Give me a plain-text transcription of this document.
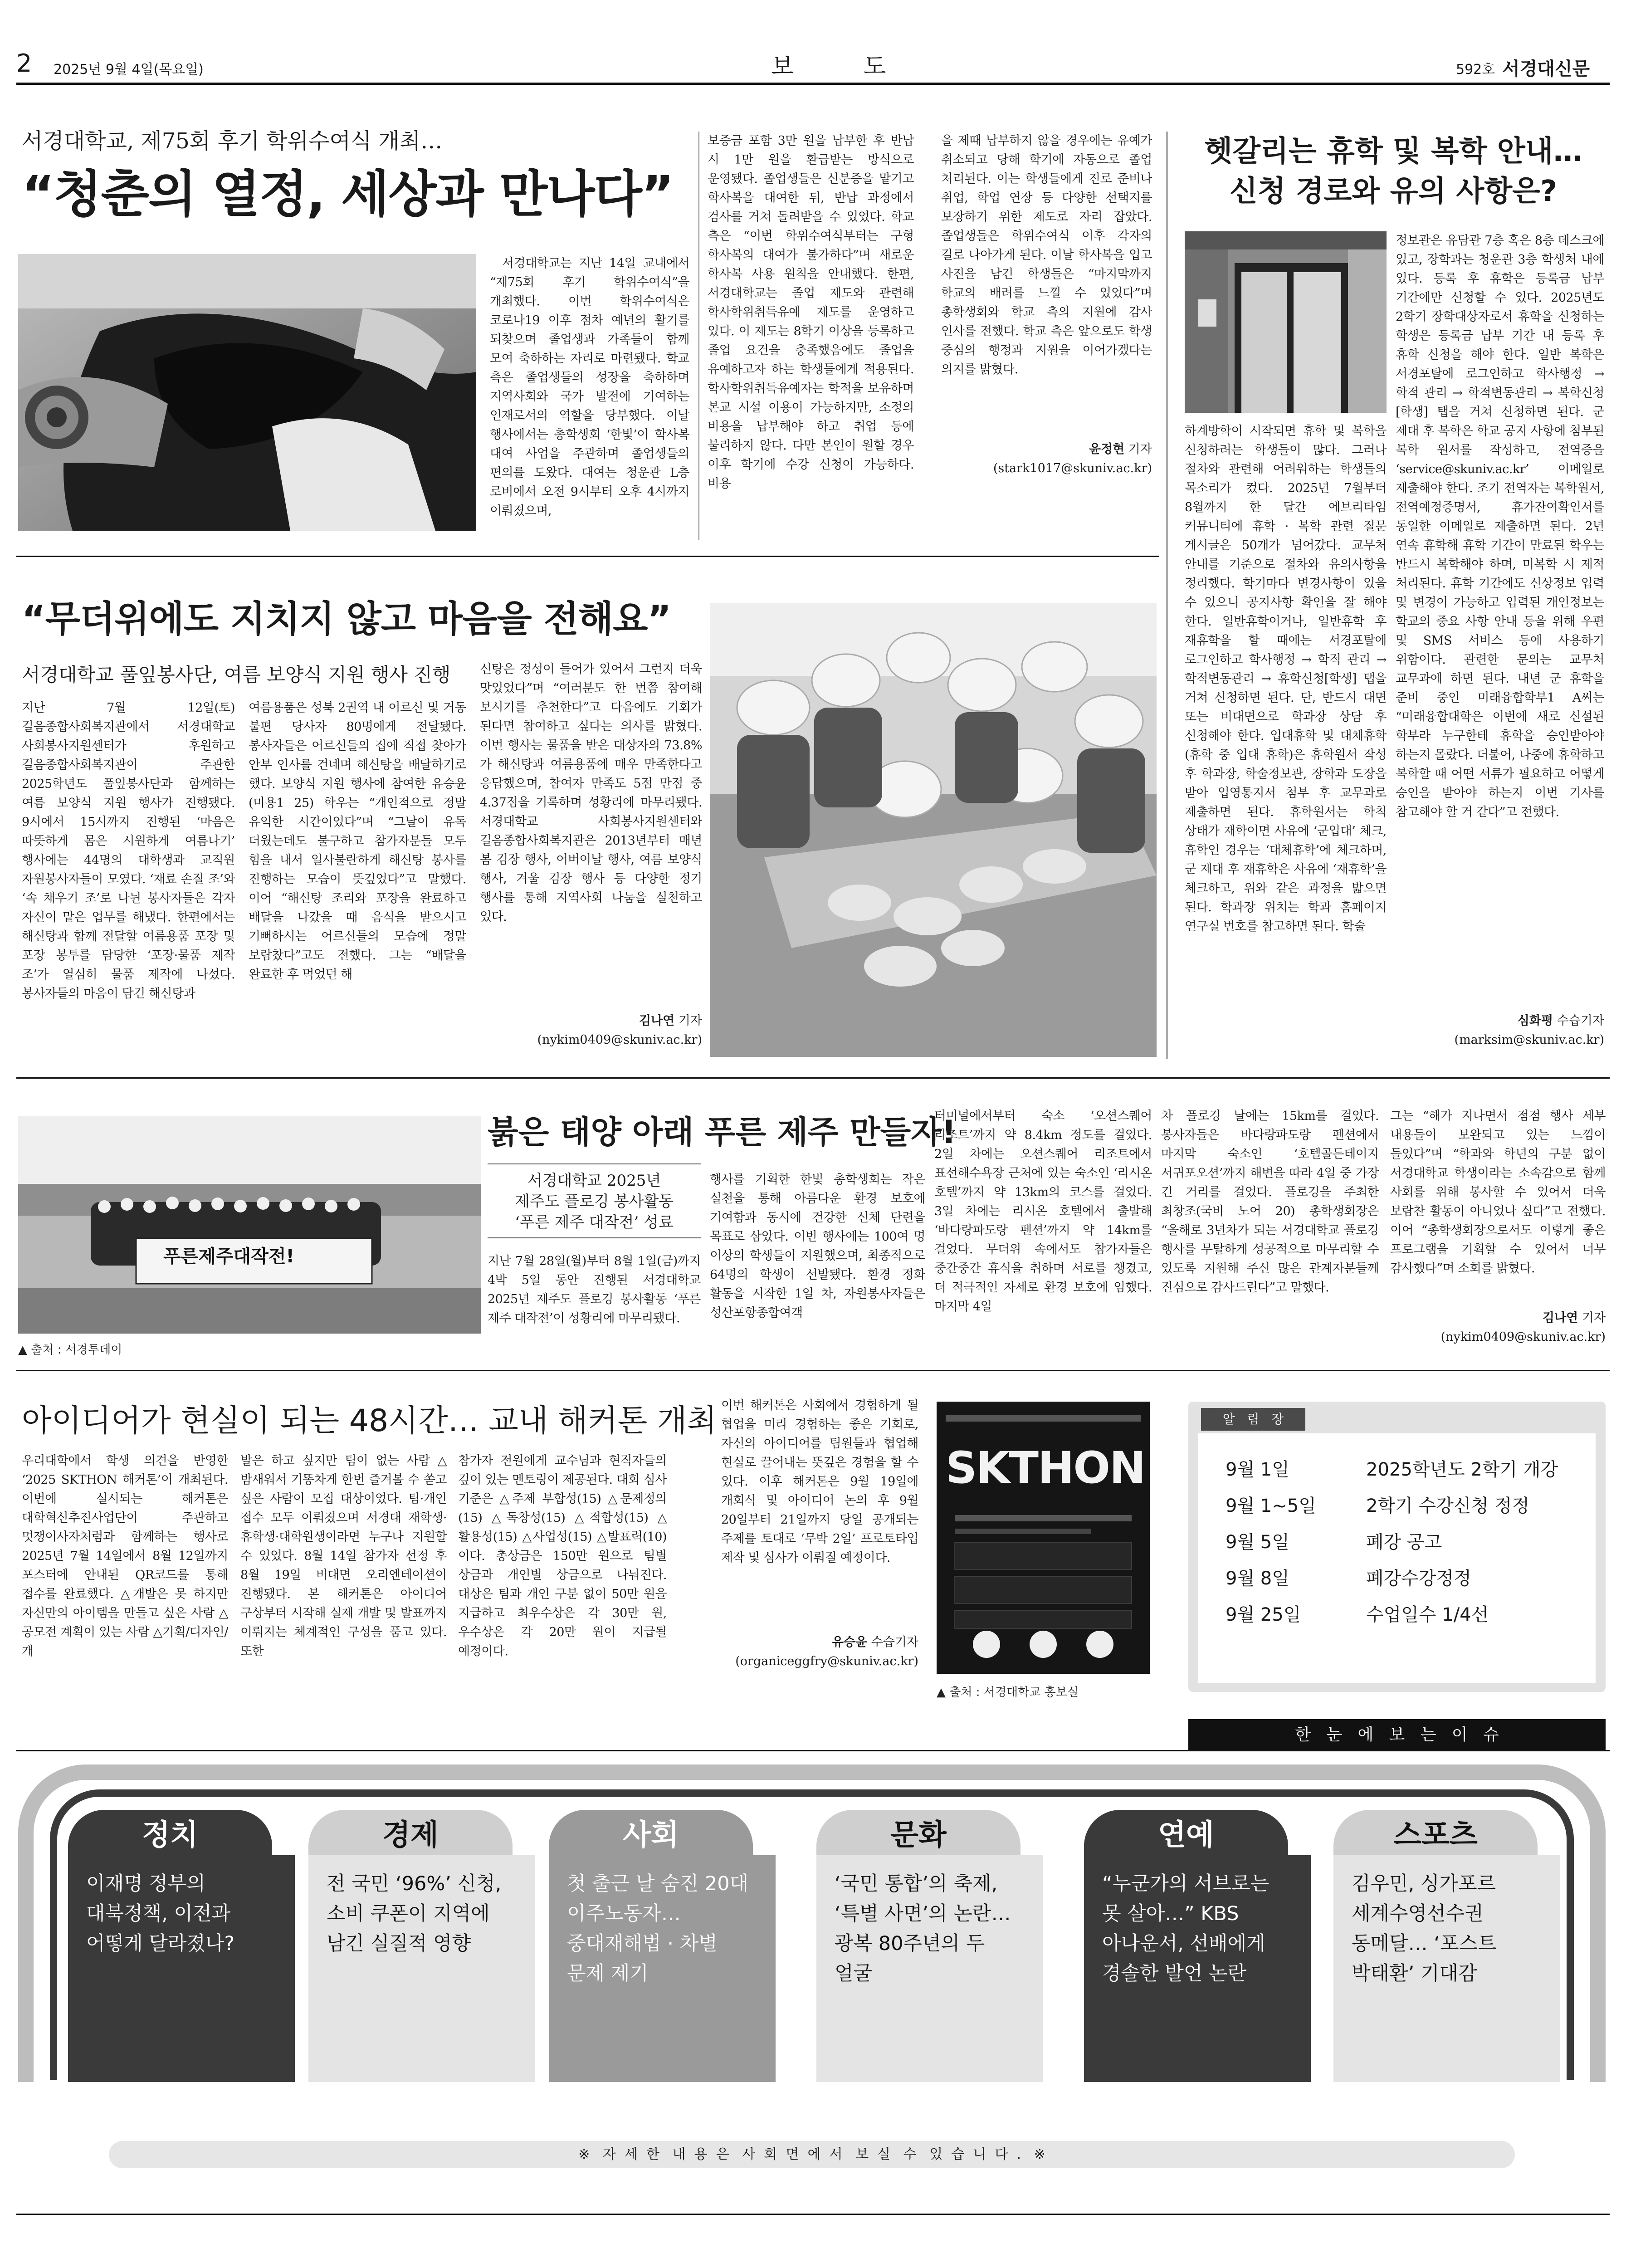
2 2025년 9월 4일(목요일)	보  도	592호 서경대신문
서경대학교, 제75회 후기 학위수여식 개최…
“청춘의 열정, 세상과 만나다”
서경대학교는 지난 14일 교내에서 “제75회 후기 학위수여식”을 개최했다. 이번 학위수여식은 코로나19 이후 점차 예년의 활기를 되찾으며 졸업생과 가족들이 함께 모여 축하하는 자리로 마련됐다. 학교 측은 졸업생들의 성장을 축하하며 지역사회와 국가 발전에 기여하는 인재로서의 역할을 당부했다. 이날 행사에서는 총학생회 ‘한빛’이 학사복 대여 사업을 주관하며 졸업생들의 편의를 도왔다. 대여는 청운관 L층 로비에서 오전 9시부터 오후 4시까지 이뤄졌으며,
보증금 포함 3만 원을 납부한 후 반납 시 1만 원을 환급받는 방식으로 운영됐다. 졸업생들은 신분증을 맡기고 학사복을 대여한 뒤, 반납 과정에서 검사를 거쳐 돌려받을 수 있었다. 학교 측은 “이번 학위수여식부터는 구형 학사복의 대여가 불가하다”며 새로운 학사복 사용 원칙을 안내했다. 한편, 서경대학교는 졸업 제도와 관련해 학사학위취득유예 제도를 운영하고 있다. 이 제도는 8학기 이상을 등록하고 졸업 요건을 충족했음에도 졸업을 유예하고자 하는 학생들에게 적용된다. 학사학위취득유예자는 학적을 보유하며 본교 시설 이용이 가능하지만, 소정의 비용을 납부해야 하고 취업 등에 불리하지 않다. 다만 본인이 원할 경우 이후 학기에 수강 신청이 가능하다. 비용
을 제때 납부하지 않을 경우에는 유예가 취소되고 당해 학기에 자동으로 졸업 처리된다. 이는 학생들에게 진로 준비나 취업, 학업 연장 등 다양한 선택지를 보장하기 위한 제도로 자리 잡았다. 졸업생들은 학위수여식 이후 각자의 길로 나아가게 된다. 이날 학사복을 입고 사진을 남긴 학생들은 “마지막까지 학교의 배려를 느낄 수 있었다”며 총학생회와 학교 측의 지원에 감사 인사를 전했다. 학교 측은 앞으로도 학생 중심의 행정과 지원을 이어가겠다는 의지를 밝혔다.
윤정현 기자
(stark1017@skuniv.ac.kr)
헷갈리는 휴학 및 복학 안내…
신청 경로와 유의 사항은?
하계방학이 시작되면 휴학 및 복학을 신청하려는 학생들이 많다. 그러나 절차와 관련해 어려워하는 학생들의 목소리가 컸다. 2025년 7월부터 8월까지 한 달간 에브리타임 커뮤니티에 휴학 · 복학 관련 질문 게시글은 50개가 넘어갔다. 교무처 안내를 기준으로 절차와 유의사항을 정리했다. 학기마다 변경사항이 있을 수 있으니 공지사항 확인을 잘 해야 한다. 일반휴학이거나, 일반휴학 후 재휴학을 할 때에는 서경포탈에 로그인하고 학사행정 → 학적 관리 → 학적변동관리 → 휴학신청[학생] 탭을 거쳐 신청하면 된다. 단, 반드시 대면 또는 비대면으로 학과장 상담 후 신청해야 한다. 입대휴학 및 대체휴학(휴학 중 입대 휴학)은 휴학원서 작성 후 학과장, 학술정보관, 장학과 도장을 받아 입영통지서 첨부 후 교무과로 제출하면 된다. 휴학원서는 학칙 상태가 재학이면 사유에 ‘군입대’ 체크, 휴학인 경우는 ‘대체휴학’에 체크하며, 군 제대 후 재휴학은 사유에 ‘재휴학’을 체크하고, 위와 같은 과정을 밟으면 된다. 학과장 위치는 학과 홈페이지 연구실 번호를 참고하면 된다. 학술
정보관은 유담관 7층 혹은 8층 데스크에 있고, 장학과는 청운관 3층 학생처 내에 있다. 등록 후 휴학은 등록금 납부 기간에만 신청할 수 있다. 2025년도 2학기 장학대상자로서 휴학을 신청하는 학생은 등록금 납부 기간 내 등록 후 휴학 신청을 해야 한다. 일반 복학은 서경포탈에 로그인하고 학사행정 → 학적 관리 → 학적변동관리 → 복학신청[학생] 탭을 거쳐 신청하면 된다. 군 제대 후 복학은 학교 공지 사항에 첨부된 복학 원서를 작성하고, 전역증을 ‘service@skuniv.ac.kr’ 이메일로 제출해야 한다. 조기 전역자는 복학원서, 전역예정증명서, 휴가잔여확인서를 동일한 이메일로 제출하면 된다. 2년 연속 휴학해 휴학 기간이 만료된 학우는 반드시 복학해야 하며, 미복학 시 제적 처리된다. 휴학 기간에도 신상정보 입력 및 변경이 가능하고 입력된 개인정보는 학교의 중요 사항 안내 등을 위해 우편 및 SMS 서비스 등에 사용하기 위함이다. 관련한 문의는 교무처 교무과에 하면 된다. 내년 군 휴학을 준비 중인 미래융합학부1 A씨는 “미래융합대학은 이번에 새로 신설된 학부라 누구한테 휴학을 승인받아야 하는지 몰랐다. 더불어, 나중에 휴학하고 복학할 때 어떤 서류가 필요하고 어떻게 승인을 받아야 하는지 이번 기사를 참고해야 할 거 같다”고 전했다.
심화평 수습기자
(marksim@skuniv.ac.kr)
“무더위에도 지치지 않고 마음을 전해요”
서경대학교 풀잎봉사단, 여름 보양식 지원 행사 진행
지난 7월 12일(토) 길음종합사회복지관에서 서경대학교 사회봉사지원센터가 후원하고 길음종합사회복지관이 주관한 2025학년도 풀잎봉사단과 함께하는 여름 보양식 지원 행사가 진행됐다. 9시에서 15시까지 진행된 ‘마음은 따뜻하게 몸은 시원하게 여름나기’ 행사에는 44명의 대학생과 교직원 자원봉사자들이 모였다. ‘재료 손질 조’와 ‘속 채우기 조’로 나뉜 봉사자들은 각자 자신이 맡은 업무를 해냈다. 한편에서는 해신탕과 함께 전달할 여름용품 포장 및 포장 봉투를 담당한 ‘포장·물품 제작 조’가 열심히 물품 제작에 나섰다. 봉사자들의 마음이 담긴 해신탕과
여름용품은 성북 2권역 내 어르신 및 거동 불편 당사자 80명에게 전달됐다. 봉사자들은 어르신들의 집에 직접 찾아가 안부 인사를 건네며 해신탕을 배달하기로 했다. 보양식 지원 행사에 참여한 유승윤(미용1 25) 학우는 “개인적으로 정말 유익한 시간이었다”며 “그날이 유독 더웠는데도 불구하고 참가자분들 모두 힘을 내서 일사불란하게 해신탕 봉사를 진행하는 모습이 뜻깊었다”고 말했다. 이어 “해신탕 조리와 포장을 완료하고 배달을 나갔을 때 음식을 받으시고 기뻐하시는 어르신들의 모습에 정말 보람찼다”고도 전했다. 그는 “배달을 완료한 후 먹었던 해
신탕은 정성이 들어가 있어서 그런지 더욱 맛있었다”며 “여러분도 한 번쯤 참여해 보시기를 추천한다”고 다음에도 기회가 된다면 참여하고 싶다는 의사를 밝혔다. 이번 행사는 물품을 받은 대상자의 73.8%가 해신탕과 여름용품에 매우 만족한다고 응답했으며, 참여자 만족도 5점 만점 중 4.37점을 기록하며 성황리에 마무리됐다. 서경대학교 사회봉사지원센터와 길음종합사회복지관은 2013년부터 매년 봄 김장 행사, 어버이날 행사, 여름 보양식 행사, 겨울 김장 행사 등 다양한 정기 행사를 통해 지역사회 나눔을 실천하고 있다.
김나연 기자
(nykim0409@skuniv.ac.kr)
푸른제주대작전!
▲ 출처 : 서경투데이
붉은 태양 아래 푸른 제주 만들자!
서경대학교 2025년
제주도 플로깅 봉사활동
‘푸른 제주 대작전’ 성료
지난 7월 28일(월)부터 8월 1일(금)까지 4박 5일 동안 진행된 서경대학교 2025년 제주도 플로깅 봉사활동 ‘푸른 제주 대작전’이 성황리에 마무리됐다.
행사를 기획한 한빛 총학생회는 작은 실천을 통해 아름다운 환경 보호에 기여함과 동시에 건강한 신체 단련을 목표로 삼았다. 이번 행사에는 100여 명 이상의 학생들이 지원했으며, 최종적으로 64명의 학생이 선발됐다. 환경 정화 활동을 시작한 1일 차, 자원봉사자들은 성산포항종합여객
터미널에서부터 숙소 ‘오션스퀘어 리조트’까지 약 8.4km 정도를 걸었다. 2일 차에는 오션스퀘어 리조트에서 표선해수욕장 근처에 있는 숙소인 ‘리시온 호텔’까지 약 13km의 코스를 걸었다. 3일 차에는 리시온 호텔에서 출발해 ‘바다랑파도랑 펜션’까지 약 14km를 걸었다. 무더위 속에서도 참가자들은 중간중간 휴식을 취하며 서로를 챙겼고, 더 적극적인 자세로 환경 보호에 임했다. 마지막 4일
차 플로깅 날에는 15km를 걸었다. 봉사자들은 바다랑파도랑 펜션에서 마지막 숙소인 ‘호텔골든테이지 서귀포오션’까지 해변을 따라 4일 중 가장 긴 거리를 걸었다. 플로깅을 주최한 최창조(국비 노어 20) 총학생회장은 “올해로 3년차가 되는 서경대학교 플로깅 행사를 무탈하게 성공적으로 마무리할 수 있도록 지원해 주신 많은 관계자분들께 진심으로 감사드린다”고 말했다.
그는 “해가 지나면서 점점 행사 세부 내용들이 보완되고 있는 느낌이 들었다”며 “학과와 학년의 구분 없이 서경대학교 학생이라는 소속감으로 함께 사회를 위해 봉사할 수 있어서 더욱 보람찬 활동이 아니었나 싶다”고 전했다. 이어 “총학생회장으로서도 이렇게 좋은 프로그램을 기획할 수 있어서 너무 감사했다”며 소회를 밝혔다.
김나연 기자
(nykim0409@skuniv.ac.kr)
아이디어가 현실이 되는 48시간… 교내 해커톤 개최
우리대학에서 학생 의견을 반영한 ‘2025 SKTHON 해커톤’이 개최된다. 이번에 실시되는 해커톤은 대학혁신추진사업단이 주관하고 멋쟁이사자처럼과 함께하는 행사로 2025년 7월 14일에서 8월 12일까지 포스터에 안내된 QR코드를 통해 접수를 완료했다. △개발은 못 하지만 자신만의 아이템을 만들고 싶은 사람 △공모전 계획이 있는 사람 △기획/디자인/개
발은 하고 싶지만 팀이 없는 사람 △밤새워서 기똥차게 한번 즐겨볼 수 쏟고 싶은 사람이 모집 대상이었다. 팀·개인 접수 모두 이뤄졌으며 서경대 재학생·휴학생·대학원생이라면 누구나 지원할 수 있었다. 8월 14일 참가자 선정 후 8월 19일 비대면 오리엔테이션이 진행됐다. 본 해커톤은 아이디어 구상부터 시작해 실제 개발 및 발표까지 이뤄지는 체계적인 구성을 품고 있다. 또한
참가자 전원에게 교수님과 현직자들의 깊이 있는 멘토링이 제공된다. 대회 심사 기준은 △주제 부합성(15) △문제정의(15) △독창성(15) △적합성(15) △활용성(15) △사업성(15) △발표력(10)이다. 총상금은 150만 원으로 팀별 상금과 개인별 상금으로 나눠진다. 대상은 팀과 개인 구분 없이 50만 원을 지급하고 최우수상은 각 30만 원, 우수상은 각 20만 원이 지급될 예정이다.
이번 해커톤은 사회에서 경험하게 될 협업을 미리 경험하는 좋은 기회로, 자신의 아이디어를 팀원들과 협업해 현실로 끌어내는 뜻깊은 경험을 할 수 있다. 이후 해커톤은 9월 19일에 개회식 및 아이디어 논의 후 9월 20일부터 21일까지 당일 공개되는 주제를 토대로 ‘무박 2일’ 프로토타입 제작 및 심사가 이뤄질 예정이다.
유승윤 수습기자
(organiceggfry@skuniv.ac.kr)
SKTHON
▲ 출처 : 서경대학교 홍보실
알   림   장
9월 1일	2025학년도 2학기 개강
9월 1~5일	2학기 수강신청 정정
9월 5일	폐강 공고
9월 8일	폐강수강정정
9월 25일	수업일수 1/4선
한   눈   에   보   는   이   슈
정치	경제	사회	문화	연예	스포츠
이재명 정부의 대북정책, 이전과 어떻게 달라졌나?
전 국민 ‘96%’ 신청, 소비 쿠폰이 지역에 남긴 실질적 영향
첫 출근 날 숨진 20대 이주노동자… 중대재해법 · 차별 문제 제기
‘국민 통합’의 축제, ‘특별 사면’의 논란… 광복 80주년의 두 얼굴
“누군가의 서브로는 못 살아…” KBS 아나운서, 선배에게 경솔한 발언 논란
김우민, 싱가포르 세계수영선수권 동메달… ‘포스트 박태환’ 기대감
※   자  세  한   내  용  은   사  회  면  에  서   보  실   수   있  습  니  다  .   ※
